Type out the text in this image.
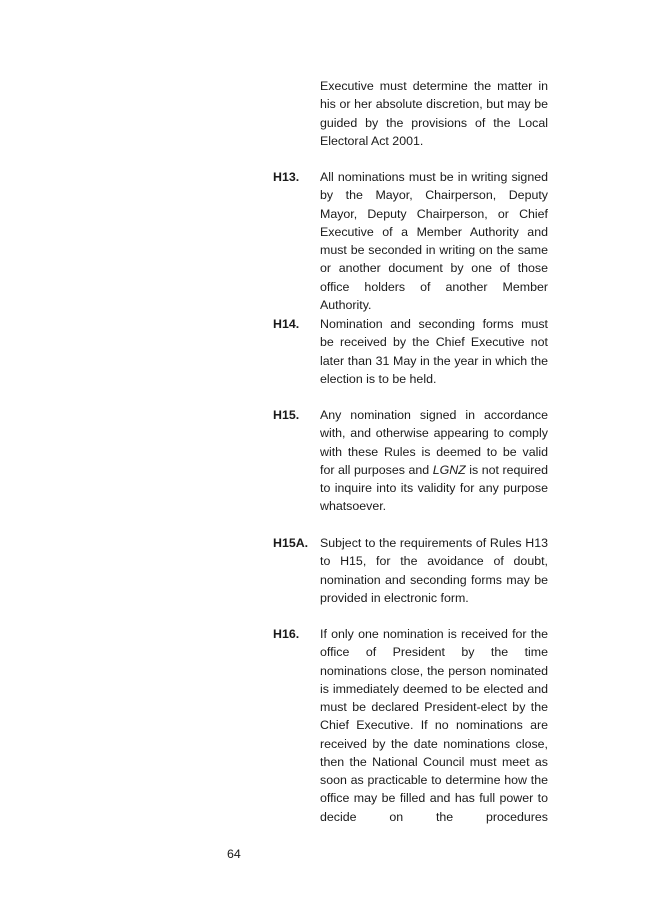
Executive must determine the matter in his or her absolute discretion, but may be guided by the provisions of the Local Electoral Act 2001.

H13. All nominations must be in writing signed by the Mayor, Chairperson, Deputy Mayor, Deputy Chairperson, or Chief Executive of a Member Authority and must be seconded in writing on the same or another document by one of those office holders of another Member Authority.

H14. Nomination and seconding forms must be received by the Chief Executive not later than 31 May in the year in which the election is to be held.

H15. Any nomination signed in accordance with, and otherwise appearing to comply with these Rules is deemed to be valid for all purposes and LGNZ is not required to inquire into its validity for any purpose whatsoever.

H15A. Subject to the requirements of Rules H13 to H15, for the avoidance of doubt, nomination and seconding forms may be provided in electronic form.

H16. If only one nomination is received for the office of President by the time nominations close, the person nominated is immediately deemed to be elected and must be declared President-elect by the Chief Executive. If no nominations are received by the date nominations close, then the National Council must meet as soon as practicable to determine how the office may be filled and has full power to decide on the procedures

64
